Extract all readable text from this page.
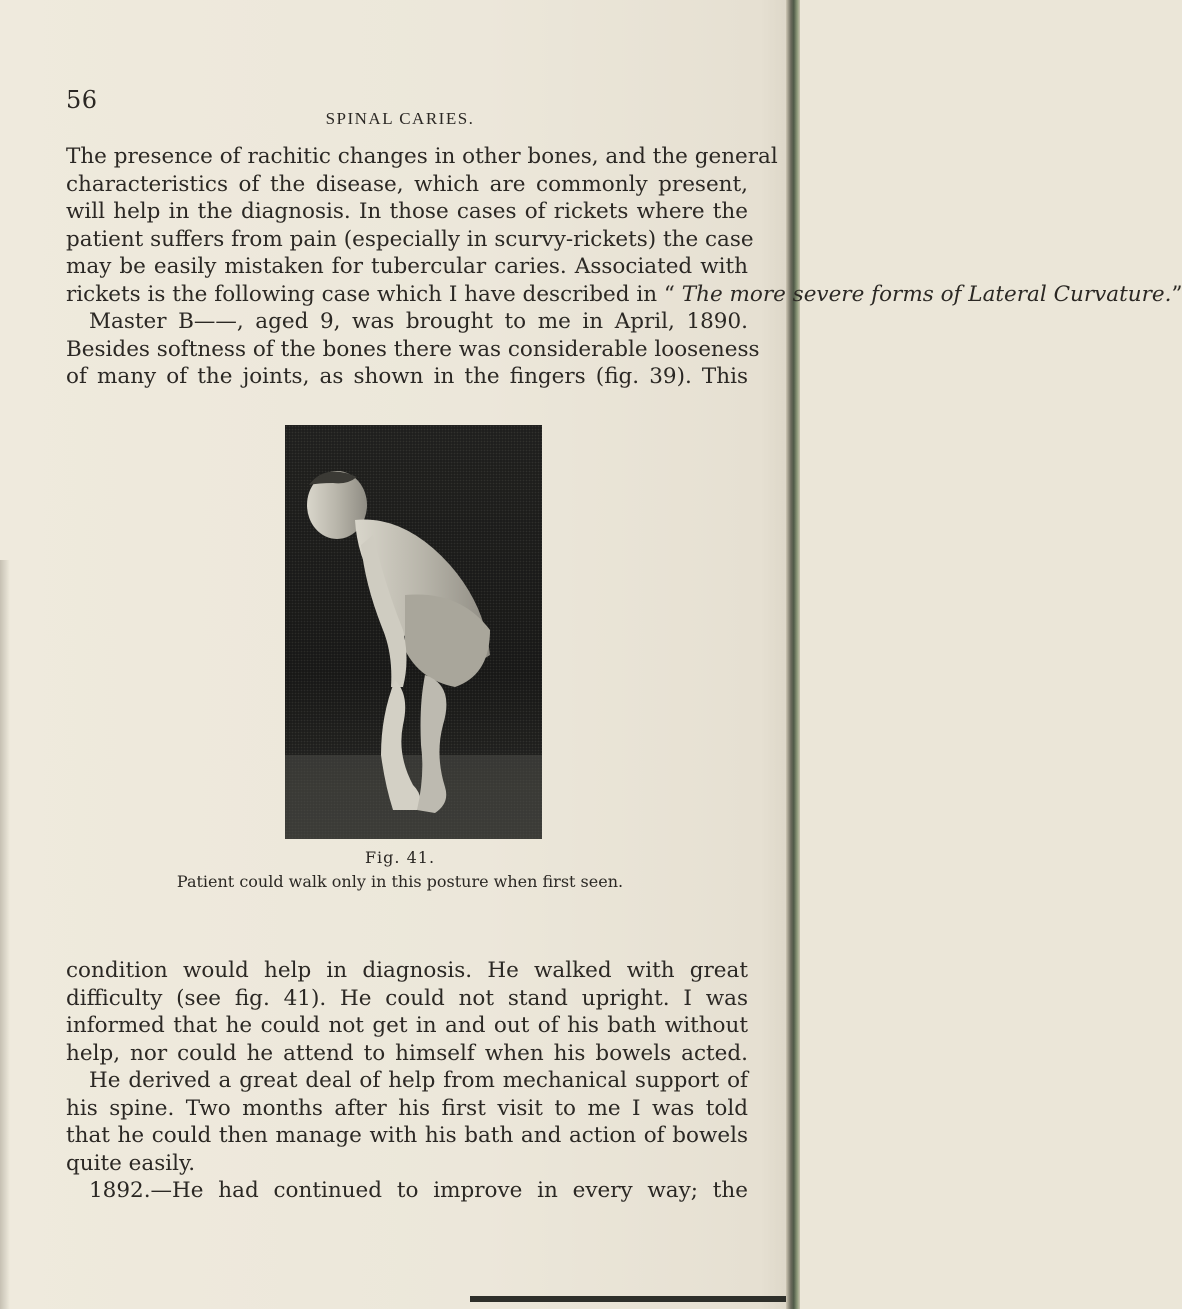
56
SPINAL CARIES.
The presence of rachitic changes in other bones, and the general
characteristics of the disease, which are commonly present,
will help in the diagnosis. In those cases of rickets where the
patient suffers from pain (especially in scurvy-rickets) the case
may be easily mistaken for tubercular caries. Associated with
rickets is the following case which I have described in “ The more severe forms of Lateral Curvature.”
Master B——, aged 9, was brought to me in April, 1890.
Besides softness of the bones there was considerable looseness
of many of the joints, as shown in the fingers (fig. 39). This
Fig. 41.
Patient could walk only in this posture when first seen.
condition would help in diagnosis. He walked with great
difficulty (see fig. 41). He could not stand upright. I was
informed that he could not get in and out of his bath without
help, nor could he attend to himself when his bowels acted.
He derived a great deal of help from mechanical support of
his spine. Two months after his first visit to me I was told
that he could then manage with his bath and action of bowels
quite easily.
1892.—He had continued to improve in every way; the
